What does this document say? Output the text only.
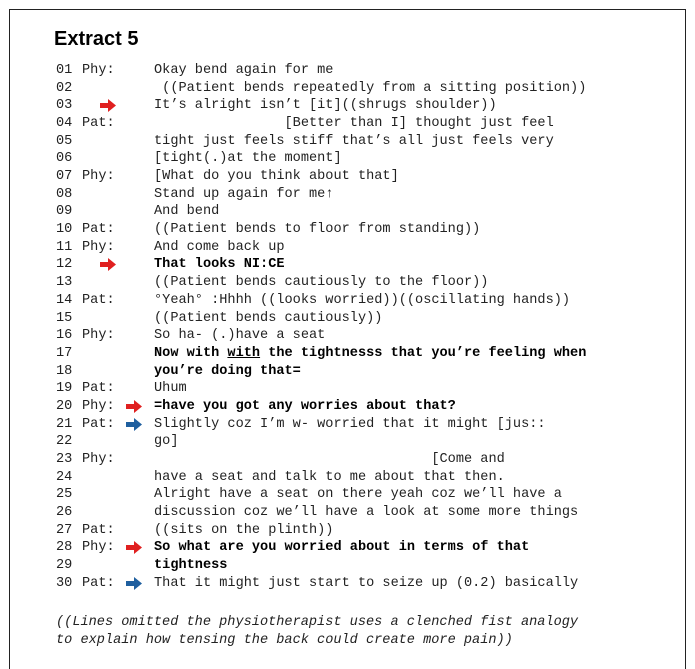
Extract 5
01 Phy:	Okay bend again for me
02	((Patient bends repeatedly from a sitting position))
03	It’s alright isn’t [it]((shrugs shoulder))
04 Pat:	[Better than I] thought just feel
05	tight just feels stiff that’s all just feels very
06	[tight(.)at the moment]
07 Phy:	[What do you think about that]
08	Stand up again for me↑
09	And bend
10 Pat:	((Patient bends to floor from standing))
11 Phy:	And come back up
12	That looks NI:CE
13	((Patient bends cautiously to the floor))
14 Pat:	°Yeah° :Hhhh ((looks worried))((oscillating hands))
15	((Patient bends cautiously))
16 Phy:	So ha- (.)have a seat
17	Now with with the tightnesss that you’re feeling when
18	you’re doing that=
19 Pat:	Uhum
20 Phy:	=have you got any worries about that?
21 Pat:	Slightly coz I’m w- worried that it might [jus::
22	go]
23 Phy:	[Come and
24	have a seat and talk to me about that then.
25	Alright have a seat on there yeah coz we’ll have a
26	discussion coz we’ll have a look at some more things
27 Pat:	((sits on the plinth))
28 Phy:	So what are you worried about in terms of that
29	tightness
30 Pat:	That it might just start to seize up (0.2) basically
((Lines omitted the physiotherapist uses a clenched fist analogy
to explain how tensing the back could create more pain))
